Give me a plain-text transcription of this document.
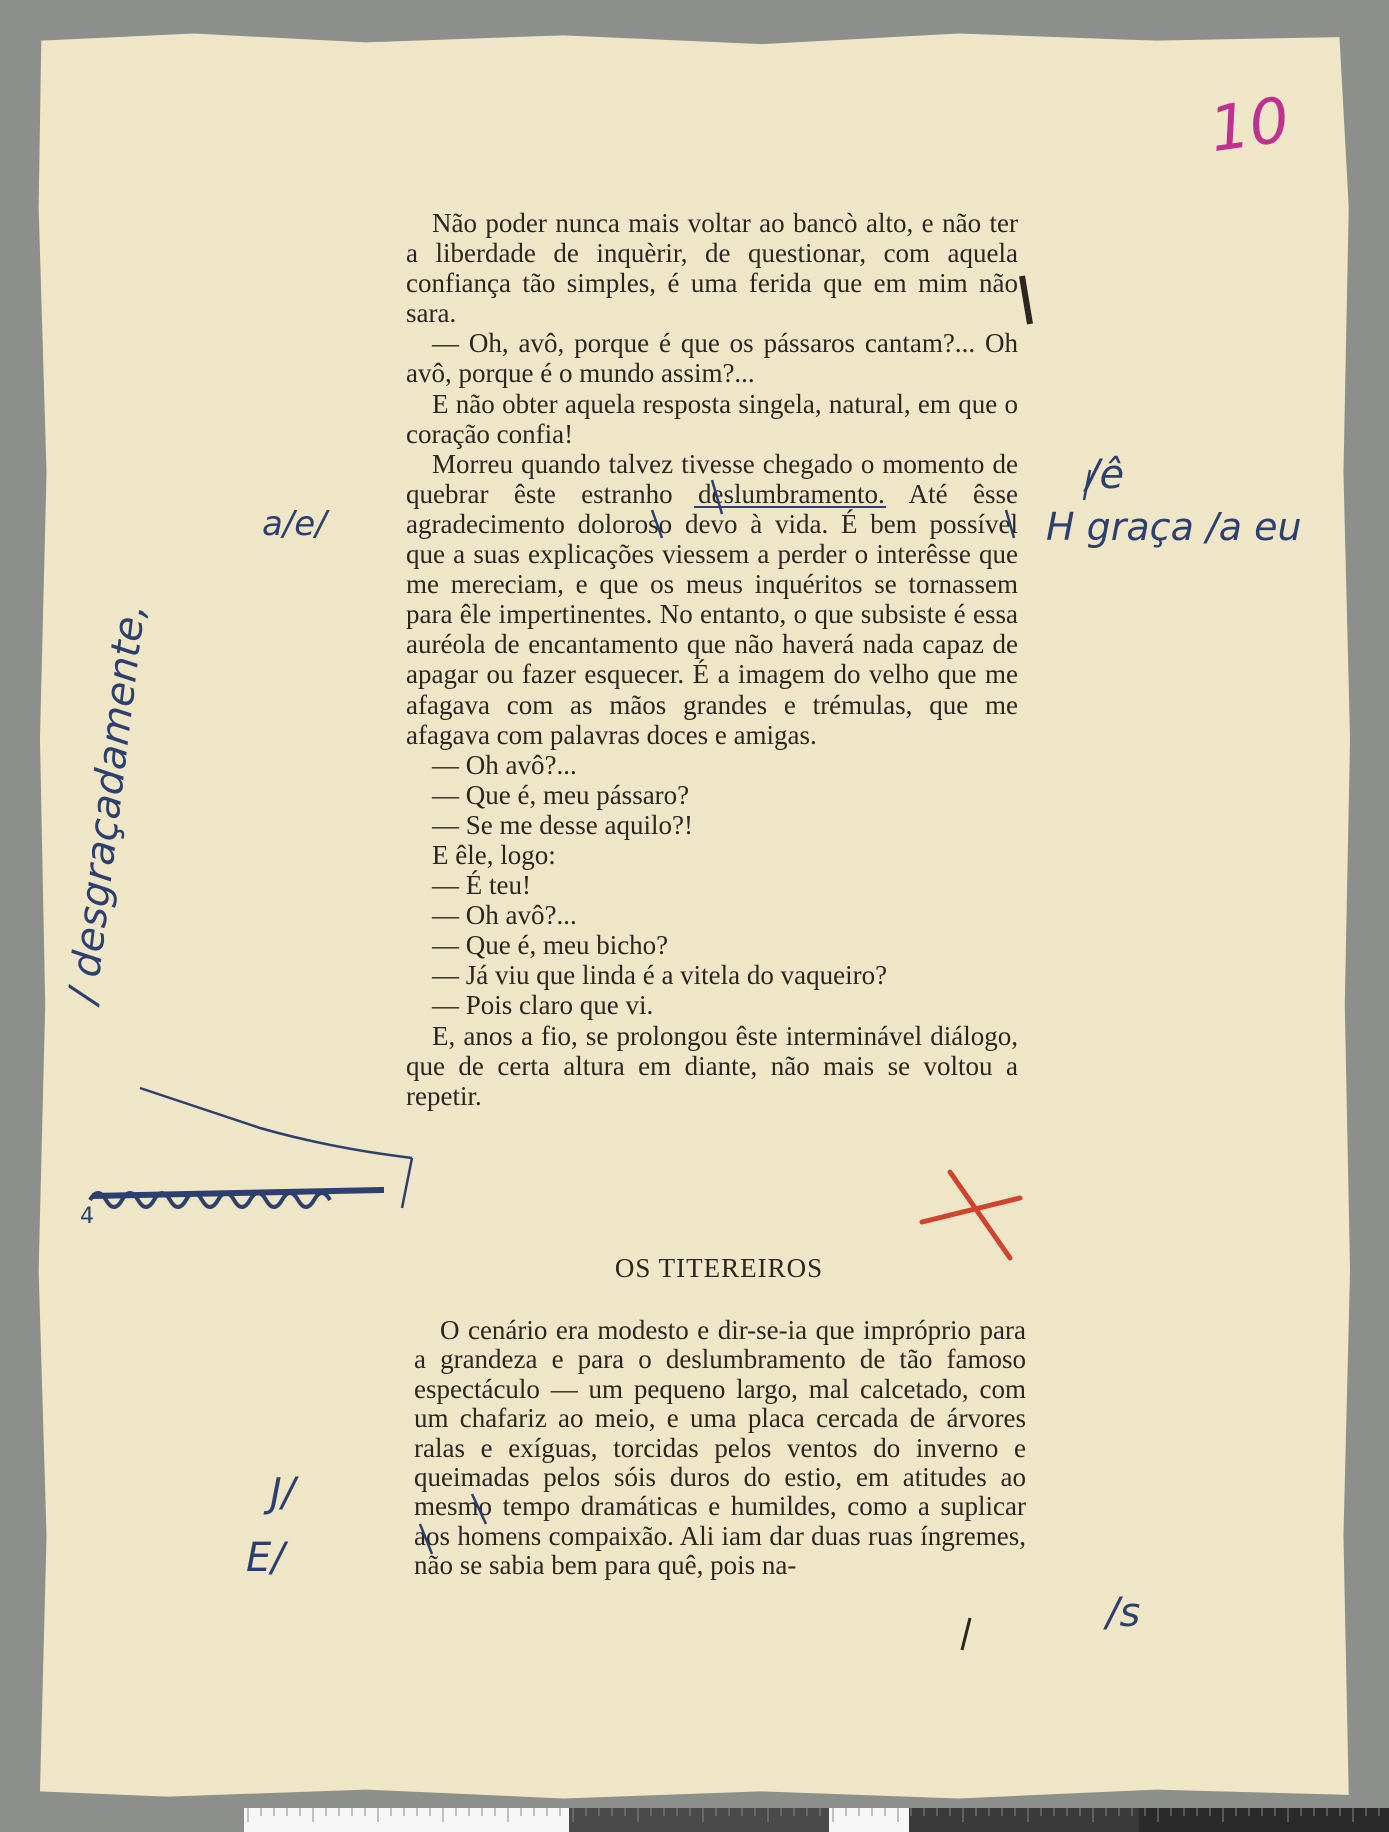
Não poder nunca mais voltar ao bancò alto, e não ter a liberdade de inquèrir, de questionar, com aquela confiança tão simples, é uma ferida que em mim não sara.

— Oh, avô, porque é que os pássaros cantam?... Oh avô, porque é o mundo assim?...

E não obter aquela resposta singela, natural, em que o coração confia!

Morreu quando talvez tivesse chegado o momento de quebrar êste estranho deslumbramento. Até êsse agradecimento doloroso devo à vida. É bem possível que a suas explicações viessem a perder o interêsse que me mereciam, e que os meus inquéritos se tornassem para êle impertinentes. No entanto, o que subsiste é essa auréola de encantamento que não haverá nada capaz de apagar ou fazer esquecer. É a imagem do velho que me afagava com as mãos grandes e trémulas, que me afagava com palavras doces e amigas.

— Oh avô?...

— Que é, meu pássaro?

— Se me desse aquilo?!

E êle, logo:

— É teu!

— Oh avô?...

— Que é, meu bicho?

— Já viu que linda é a vitela do vaqueiro?

— Pois claro que vi.

E, anos a fio, se prolongou êste interminável diálogo, que de certa altura em diante, não mais se voltou a repetir.

OS TITEREIROS

O cenário era modesto e dir-se-ia que impróprio para a grandeza e para o deslumbramento de tão famoso espectáculo — um pequeno largo, mal calcetado, com um chafariz ao meio, e uma placa cercada de árvores ralas e exíguas, torcidas pelos ventos do inverno e queimadas pelos sóis duros do estio, em atitudes ao mesmo tempo dramáticas e humildes, como a suplicar aos homens compaixão. Ali iam dar duas ruas íngremes, não se sabia bem para quê, pois na-

10
a/e/
/ê
H graça /a eu
/ desgraçadamente,
J/
E/
/s
4
